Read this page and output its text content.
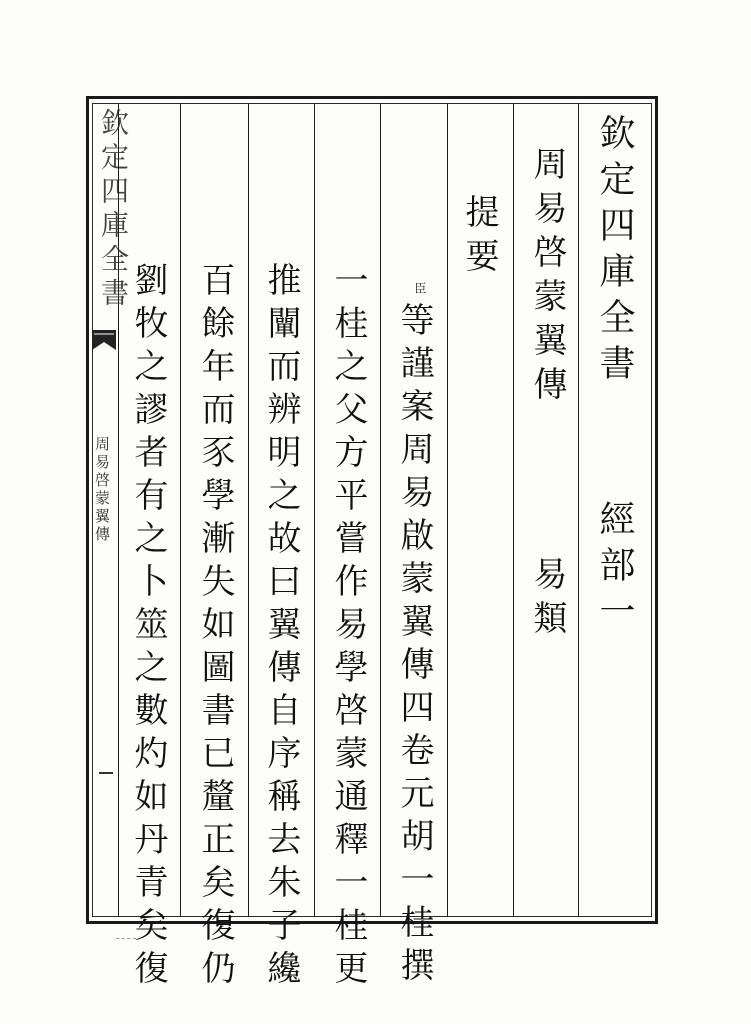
欽定四庫全書
周易啓蒙翼傳
欽定四庫全書
經部一
周易啓蒙翼傳
易類
提要
臣
等謹案周易啟蒙翼傳四卷元胡一桂撰
一桂之父方平嘗作易學啓蒙通釋一桂更
推闡而辨明之故曰翼傳自序稱去朱子纔
百餘年而豕學漸失如圖書已釐正矣復仍
劉牧之謬者有之卜筮之數灼如丹青矣復
